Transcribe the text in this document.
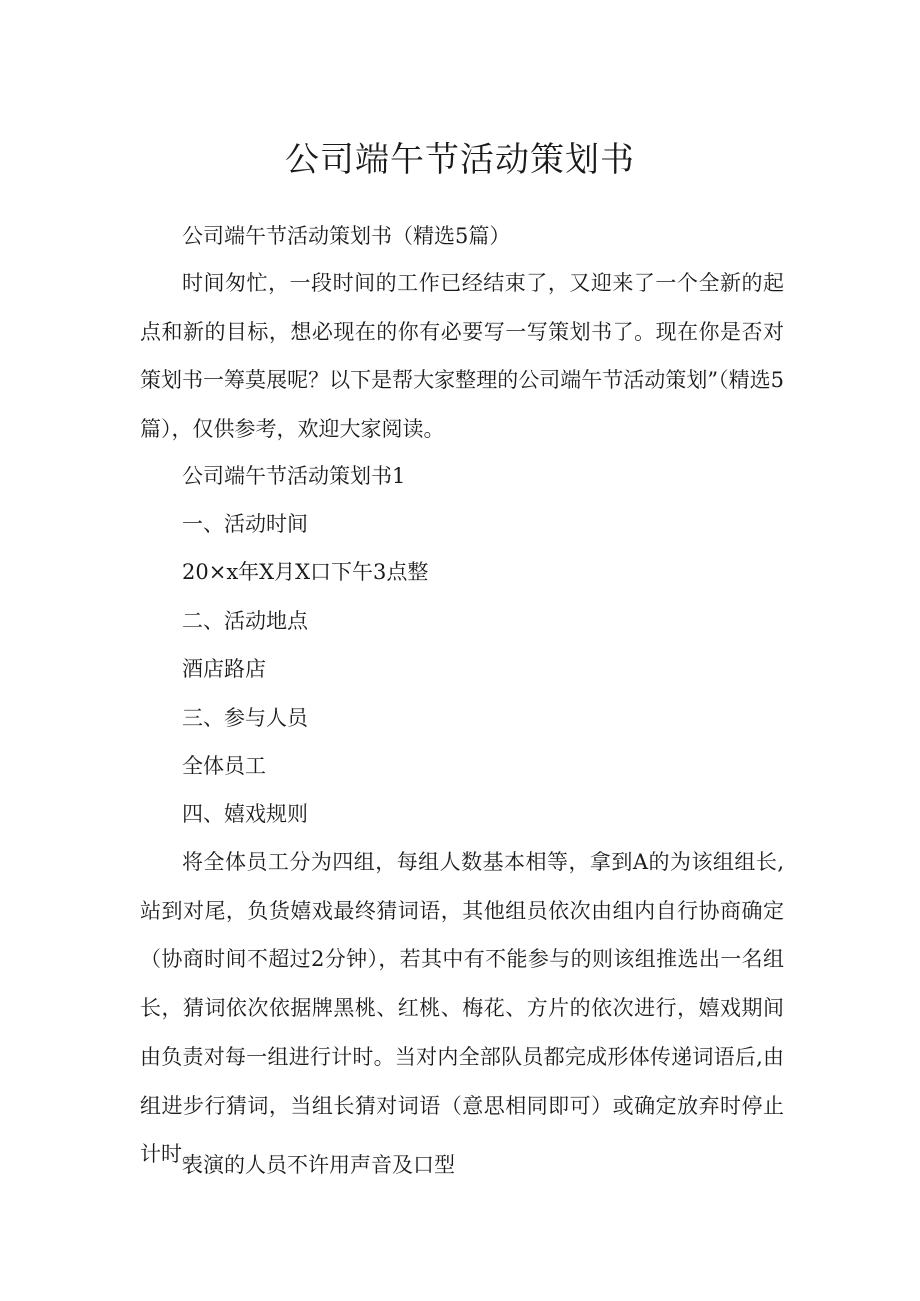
公司端午节活动策划书

公司端午节活动策划书（精选5篇）

时间匆忙，一段时间的工作已经结束了，又迎来了一个全新的起点和新的目标，想必现在的你有必要写一写策划书了。现在你是否对策划书一筹莫展呢？以下是帮大家整理的公司端午节活动策划”（精选5篇），仅供参考，欢迎大家阅读。

公司端午节活动策划书1

一、活动时间

20×x年X月X口下午3点整

二、活动地点

酒店路店

三、参与人员

全体员工

四、嬉戏规则

将全体员工分为四组，每组人数基本相等，拿到A的为该组组长,站到对尾，负货嬉戏最终猜词语，其他组员依次由组内自行协商确定（协商时间不超过2分钟），若其中有不能参与的则该组推选出一名组长，猜词依次依据牌黑桃、红桃、梅花、方片的依次进行，嬉戏期间由负责对每一组进行计时。当对内全部队员都完成形体传递词语后,由组进步行猜词，当组长猜对词语（意思相同即可）或确定放弃时停止计时。

表演的人员不许用声音及口型
